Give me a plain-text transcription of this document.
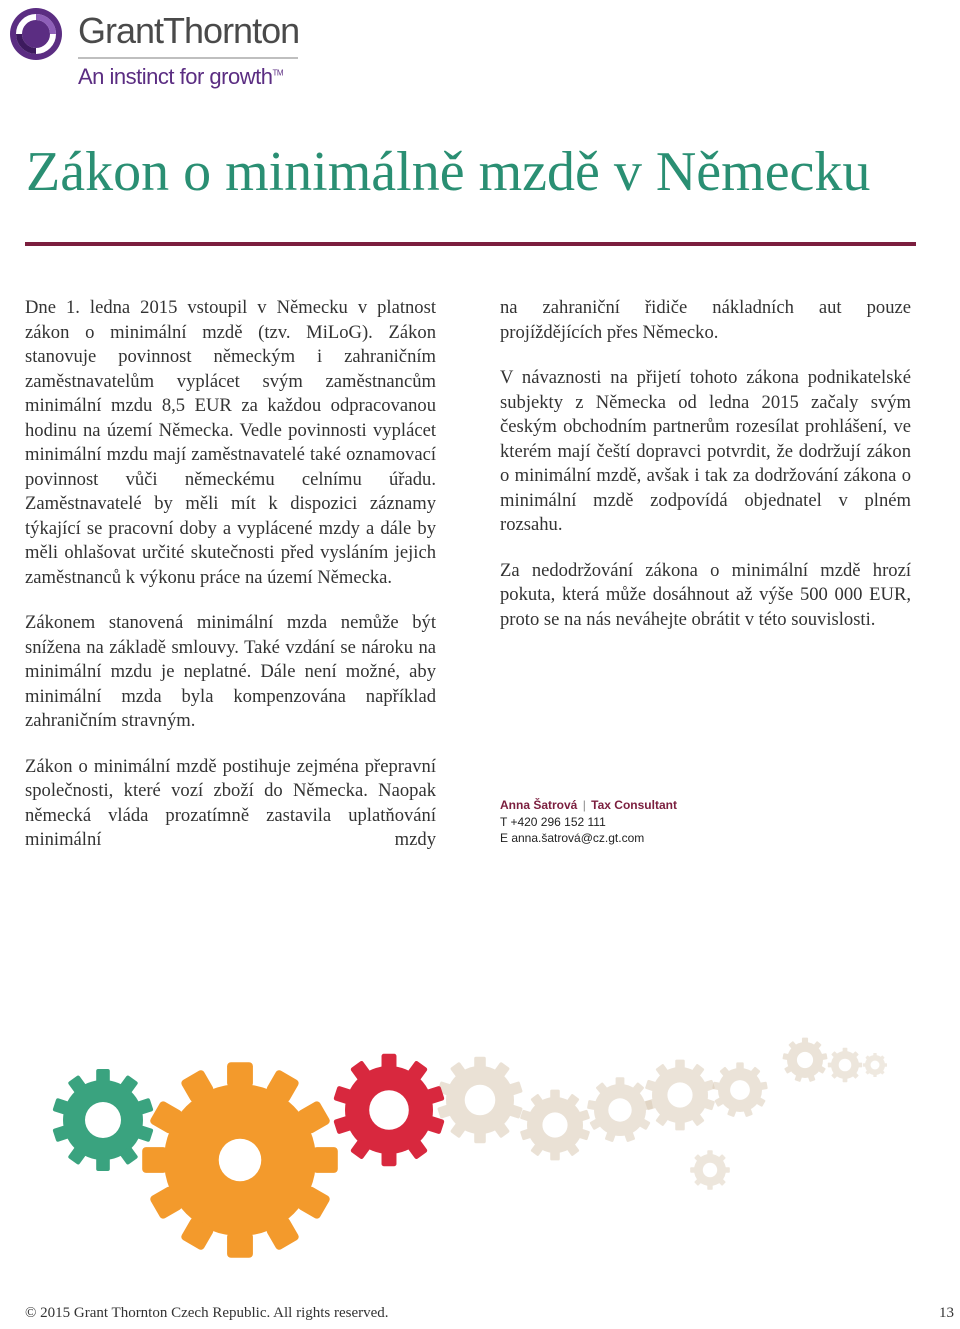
GrantThornton
An instinct for growth™
Zákon o minimálně mzdě v Německu

Dne 1. ledna 2015 vstoupil v Německu v platnost zákon o minimální mzdě (tzv. MiLoG). Zákon stanovuje povinnost německým i zahraničním zaměstnavatelům vyplácet svým zaměstnancům minimální mzdu 8,5 EUR za každou odpracovanou hodinu na území Německa. Vedle povinnosti vyplácet minimální mzdu mají zaměstnavatelé také oznamovací povinnost vůči německému celnímu úřadu. Zaměstnavatelé by měli mít k dispozici záznamy týkající se pracovní doby a vyplácené mzdy a dále by měli ohlašovat určité skutečnosti před vysláním jejich zaměstnanců k výkonu práce na území Německa.

Zákonem stanovená minimální mzda nemůže být snížena na základě smlouvy. Také vzdání se nároku na minimální mzdu je neplatné. Dále není možné, aby minimální mzda byla kompenzována například zahraničním stravným.

Zákon o minimální mzdě postihuje zejména přepravní společnosti, které vozí zboží do Německa. Naopak německá vláda prozatímně zastavila uplatňování minimální mzdy

na zahraniční řidiče nákladních aut pouze projíždějících přes Německo.

V návaznosti na přijetí tohoto zákona podnikatelské subjekty z Německa od ledna 2015 začaly svým českým obchodním partnerům rozesílat prohlášení, ve kterém mají čeští dopravci potvrdit, že dodržují zákon o minimální mzdě, avšak i tak za dodržování zákona o minimální mzdě zodpovídá objednatel v plném rozsahu.

Za nedodržování zákona o minimální mzdě hrozí pokuta, která může dosáhnout až výše 500 000 EUR, proto se na nás neváhejte obrátit v této souvislosti.

Anna Šatrová | Tax Consultant
T +420 296 152 111
E anna.šatrová@cz.gt.com
© 2015 Grant Thornton Czech Republic. All rights reserved.	13
